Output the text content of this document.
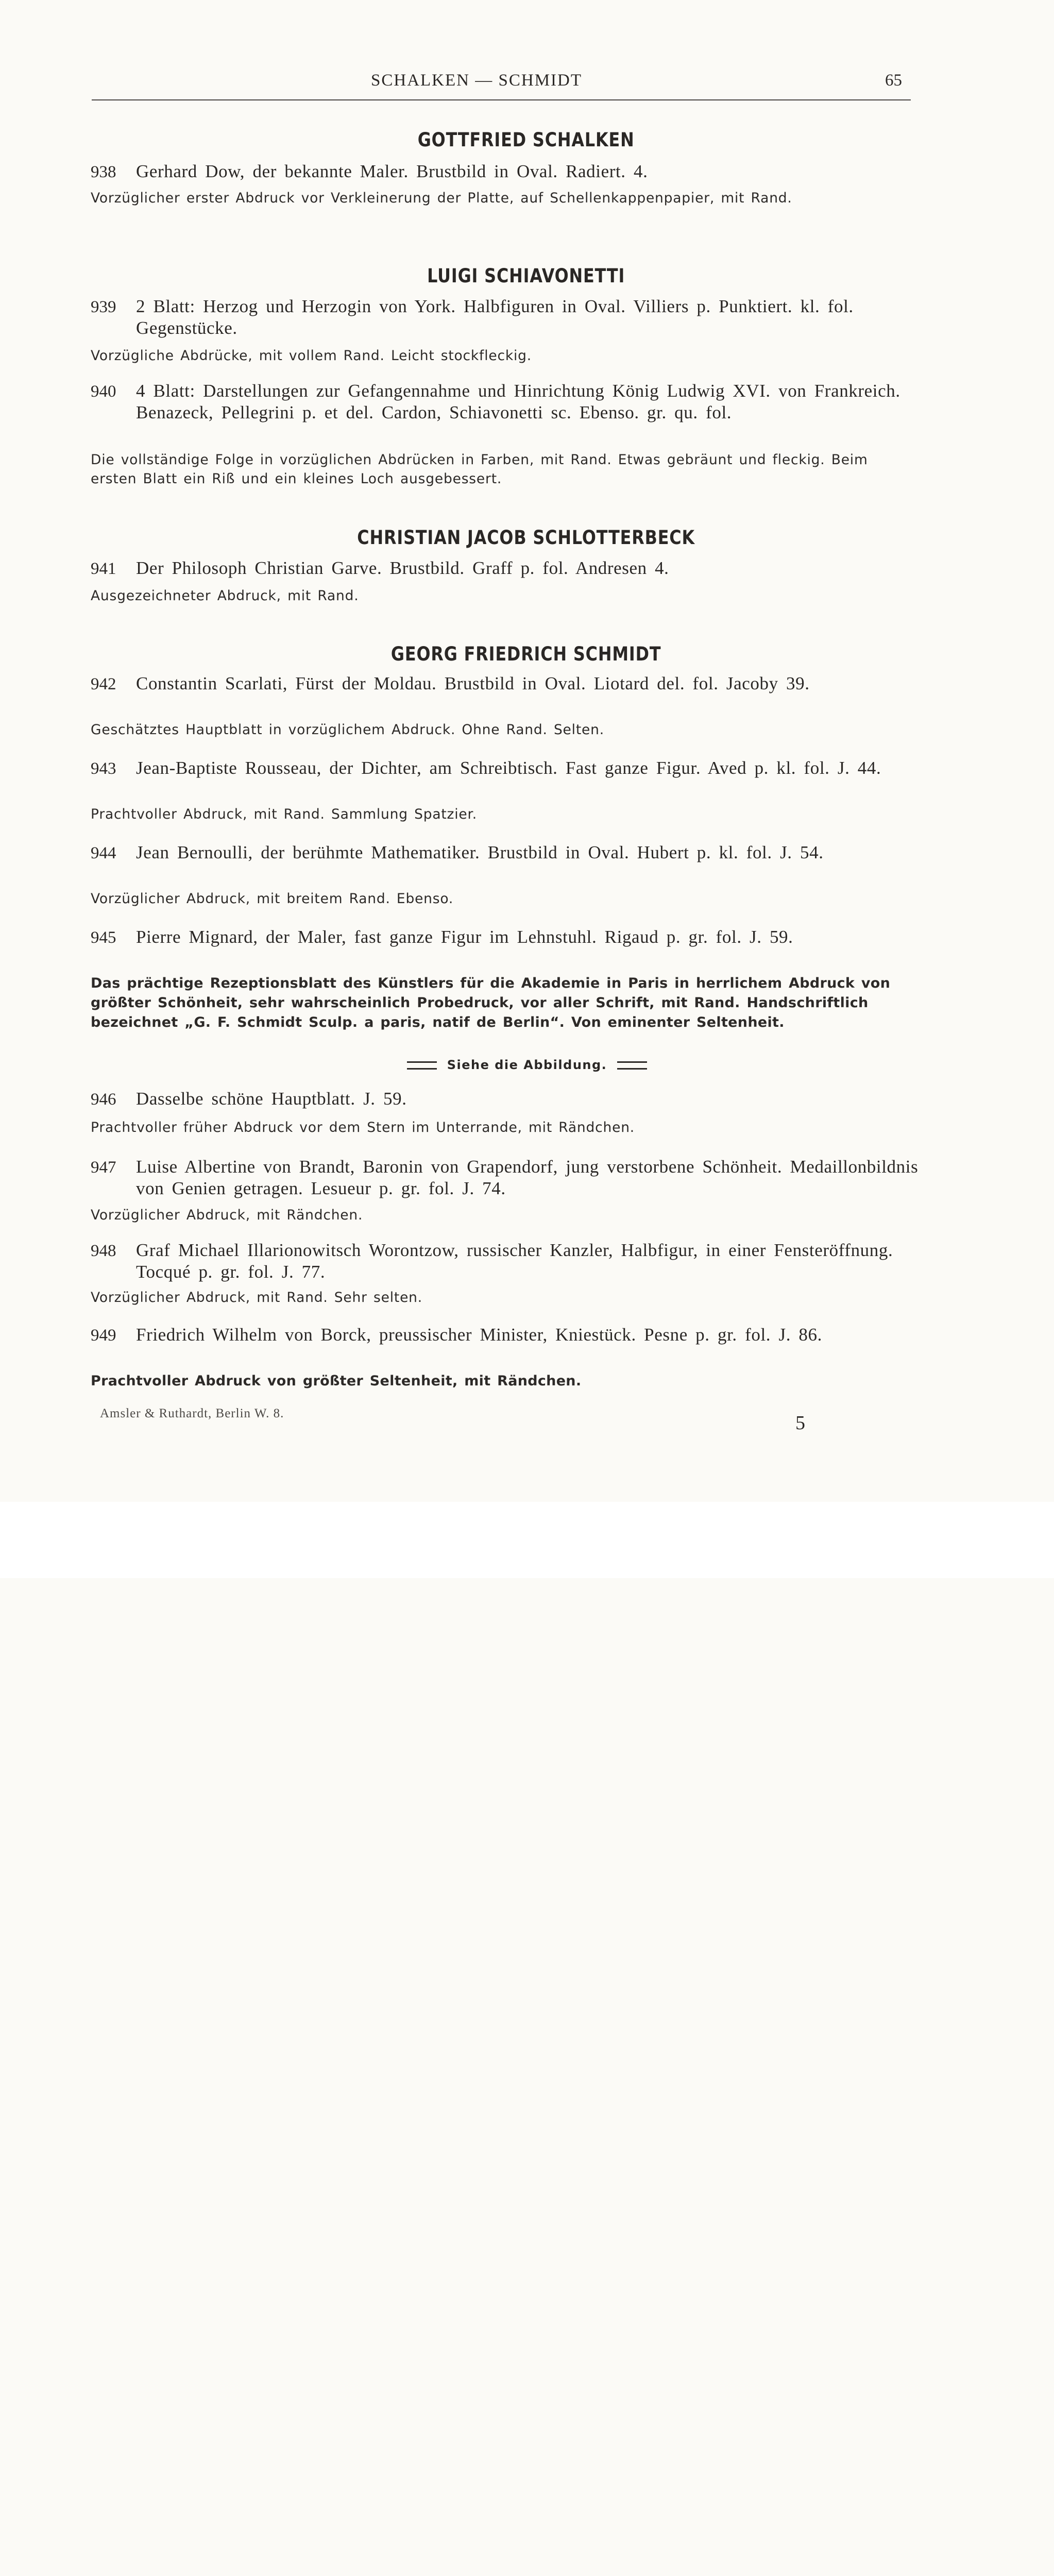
SCHALKEN — SCHMIDT	65
GOTTFRIED SCHALKEN
938 Gerhard Dow, der bekannte Maler. Brustbild in Oval. Radiert. 4.
Vorzüglicher erster Abdruck vor Verkleinerung der Platte, auf Schellenkappenpapier, mit Rand.
LUIGI SCHIAVONETTI
939 2 Blatt: Herzog und Herzogin von York. Halbfiguren in Oval. Villiers p. Punktiert. kl. fol. Gegenstücke.
Vorzügliche Abdrücke, mit vollem Rand. Leicht stockfleckig.
940 4 Blatt: Darstellungen zur Gefangennahme und Hinrichtung König Ludwig XVI. von Frankreich. Benazeck, Pellegrini p. et del. Cardon, Schiavonetti sc. Ebenso. gr. qu. fol.
Die vollständige Folge in vorzüglichen Abdrücken in Farben, mit Rand. Etwas gebräunt und fleckig. Beim ersten Blatt ein Riß und ein kleines Loch ausgebessert.
CHRISTIAN JACOB SCHLOTTERBECK
941 Der Philosoph Christian Garve. Brustbild. Graff p. fol. Andresen 4.
Ausgezeichneter Abdruck, mit Rand.
GEORG FRIEDRICH SCHMIDT
942 Constantin Scarlati, Fürst der Moldau. Brustbild in Oval. Liotard del. fol. Jacoby 39.
Geschätztes Hauptblatt in vorzüglichem Abdruck. Ohne Rand. Selten.
943 Jean-Baptiste Rousseau, der Dichter, am Schreibtisch. Fast ganze Figur. Aved p. kl. fol. J. 44.
Prachtvoller Abdruck, mit Rand. Sammlung Spatzier.
944 Jean Bernoulli, der berühmte Mathematiker. Brustbild in Oval. Hubert p. kl. fol. J. 54.
Vorzüglicher Abdruck, mit breitem Rand. Ebenso.
945 Pierre Mignard, der Maler, fast ganze Figur im Lehnstuhl. Rigaud p. gr. fol. J. 59.
Das prächtige Rezeptionsblatt des Künstlers für die Akademie in Paris in herrlichem Abdruck von größter Schönheit, sehr wahrscheinlich Probedruck, vor aller Schrift, mit Rand. Handschriftlich bezeichnet „G. F. Schmidt Sculp. a paris, natif de Berlin“. Von eminenter Seltenheit.
Siehe die Abbildung.
946 Dasselbe schöne Hauptblatt. J. 59.
Prachtvoller früher Abdruck vor dem Stern im Unterrande, mit Rändchen.
947 Luise Albertine von Brandt, Baronin von Grapendorf, jung verstorbene Schönheit. Medaillonbildnis von Genien getragen. Lesueur p. gr. fol. J. 74.
Vorzüglicher Abdruck, mit Rändchen.
948 Graf Michael Illarionowitsch Worontzow, russischer Kanzler, Halbfigur, in einer Fensteröffnung. Tocqué p. gr. fol. J. 77.
Vorzüglicher Abdruck, mit Rand. Sehr selten.
949 Friedrich Wilhelm von Borck, preussischer Minister, Kniestück. Pesne p. gr. fol. J. 86.
Prachtvoller Abdruck von größter Seltenheit, mit Rändchen.
Amsler & Ruthardt, Berlin W. 8.	5
